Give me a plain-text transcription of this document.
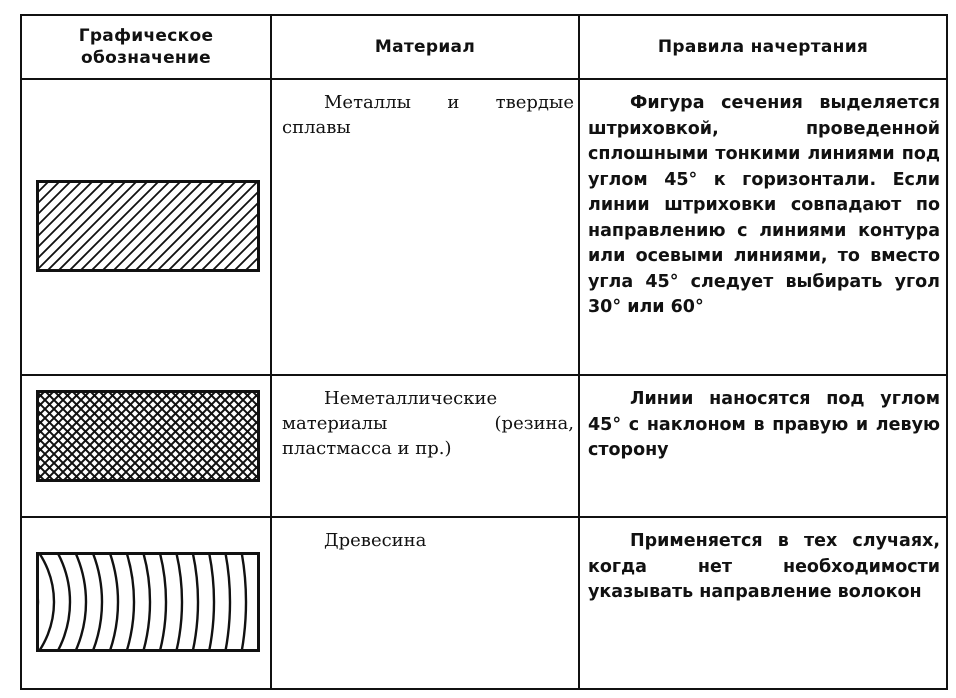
Графическое обозначение
Материал	Правила начертания
Металлы и твердые сплавы
Фигура сечения выделяется штриховкой, проведенной сплошными тонкими линиями под углом 45° к горизонтали. Если линии штриховки совпадают по направлению с линиями контура или осевыми линиями, то вместо угла 45° следует выбирать угол 30° или 60°
Неметаллические материалы (резина, пластмасса и пр.)
Линии наносятся под углом 45° с наклоном в правую и левую сторону
Древесина	Применяется в тех случаях, когда нет необходимости указывать направление волокон
